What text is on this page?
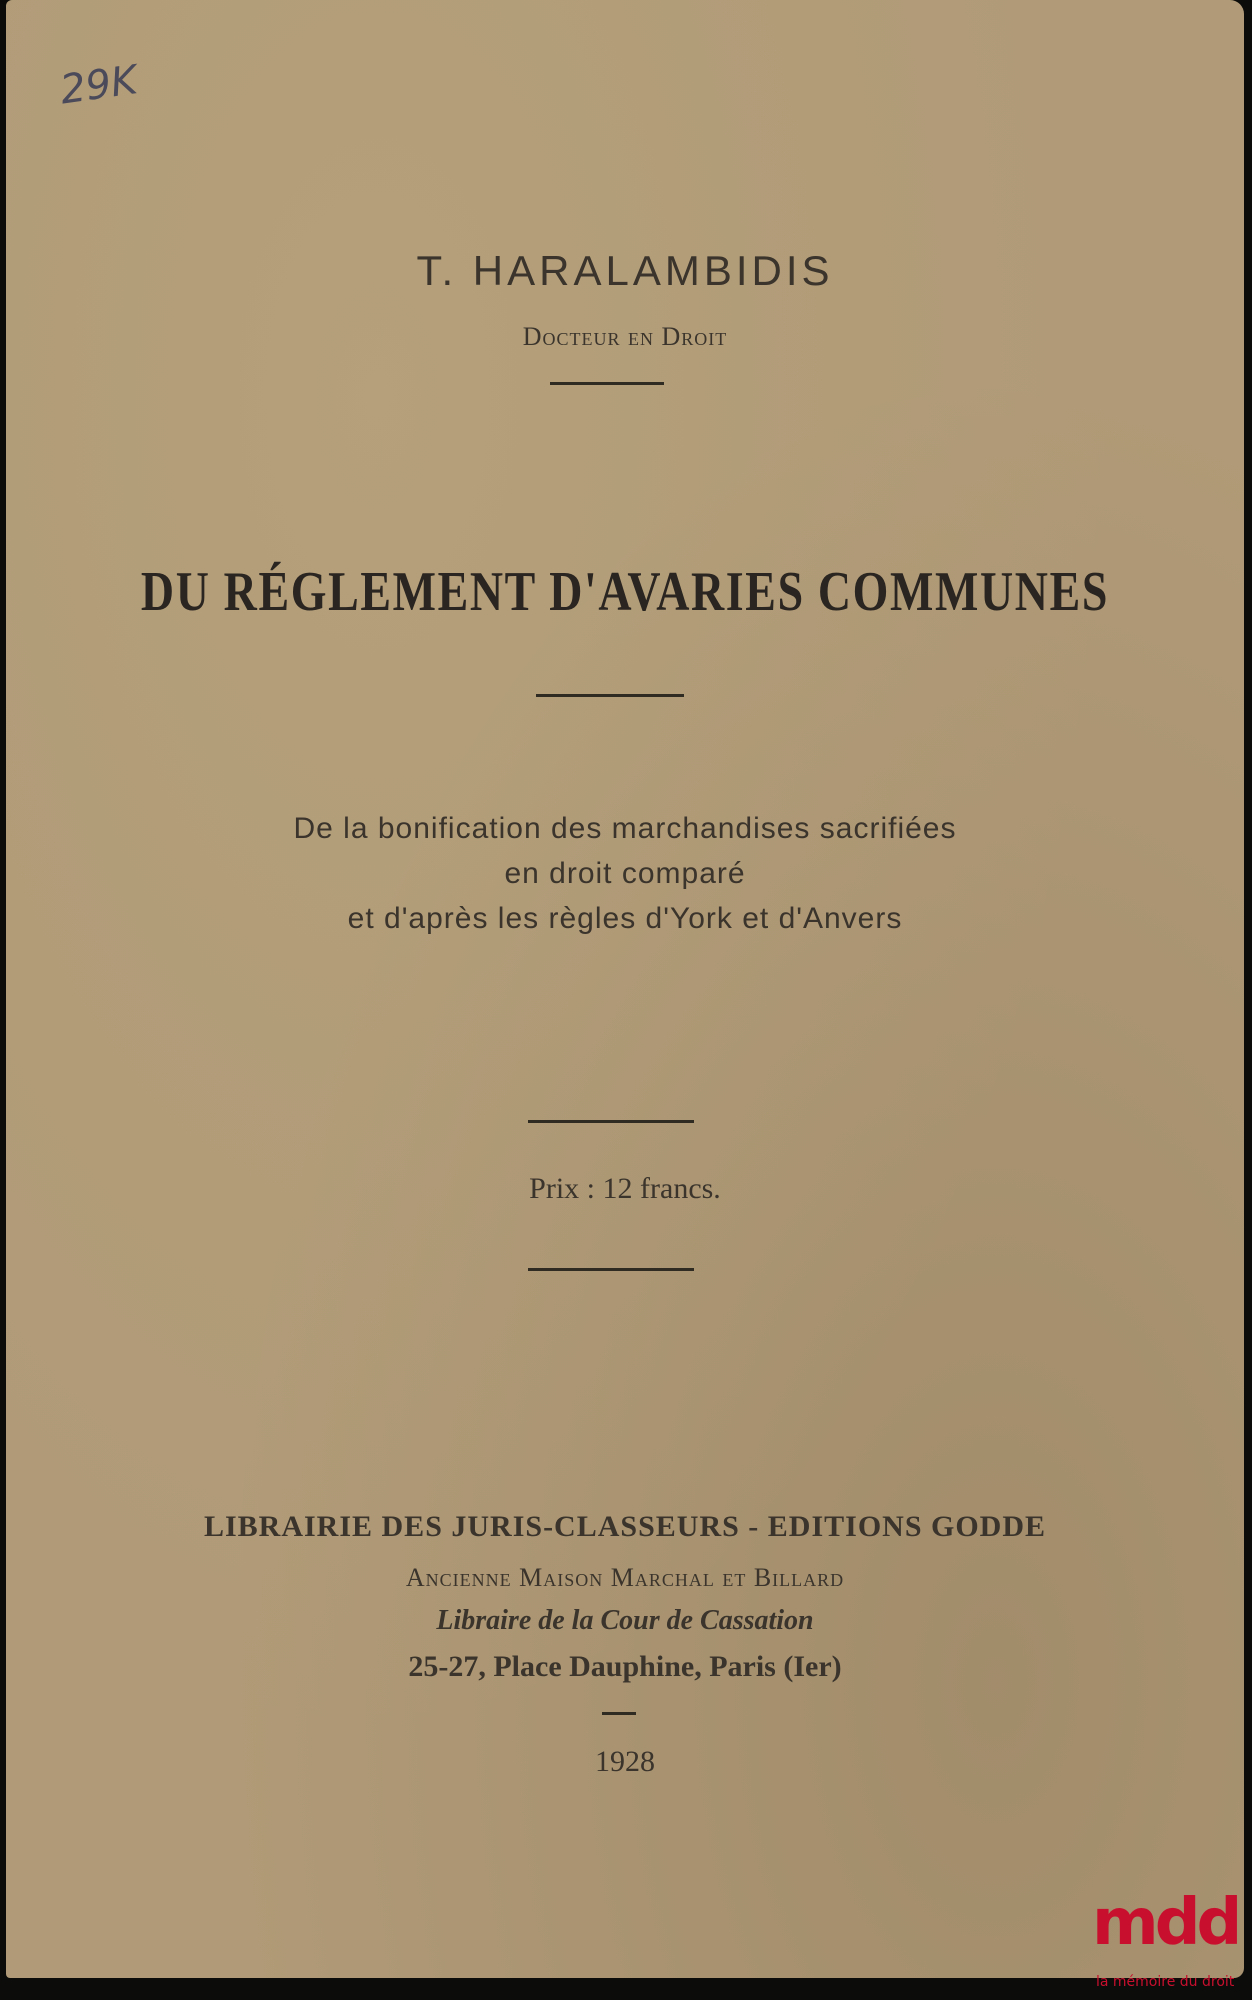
29K
T. HARALAMBIDIS
Docteur en Droit
DU RÉGLEMENT D'AVARIES COMMUNES
De la bonification des marchandises sacrifiées
en droit comparé
et d'après les règles d'York et d'Anvers
Prix : 12 francs.
LIBRAIRIE DES JURIS-CLASSEURS - EDITIONS GODDE
Ancienne Maison Marchal et Billard
Libraire de la Cour de Cassation
25-27, Place Dauphine, Paris (Ier)
1928
mdd
la mémoire du droit
